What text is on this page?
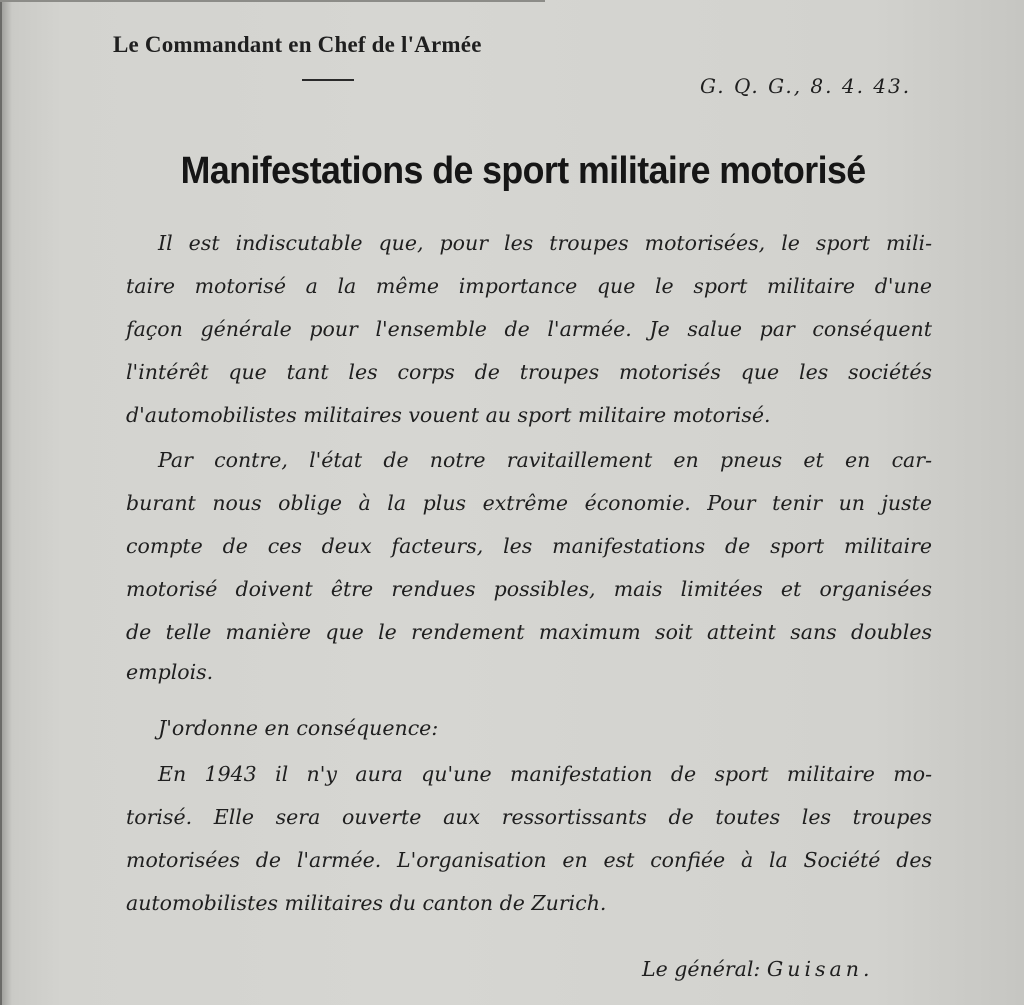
Le Commandant en Chef de l'Armée
G. Q. G., 8. 4. 43.
Manifestations de sport militaire motorisé
Il est indiscutable que, pour les troupes motorisées, le sport mili-
taire motorisé a la même importance que le sport militaire d'une
façon générale pour l'ensemble de l'armée. Je salue par conséquent
l'intérêt que tant les corps de troupes motorisés que les sociétés
d'automobilistes militaires vouent au sport militaire motorisé.
Par contre, l'état de notre ravitaillement en pneus et en car-
burant nous oblige à la plus extrême économie. Pour tenir un juste
compte de ces deux facteurs, les manifestations de sport militaire
motorisé doivent être rendues possibles, mais limitées et organisées
de telle manière que le rendement maximum soit atteint sans doubles
emplois.
J'ordonne en conséquence:
En 1943 il n'y aura qu'une manifestation de sport militaire mo-
torisé. Elle sera ouverte aux ressortissants de toutes les troupes
motorisées de l'armée. L'organisation en est confiée à la Société des
automobilistes militaires du canton de Zurich.
Le général: Guisan.
